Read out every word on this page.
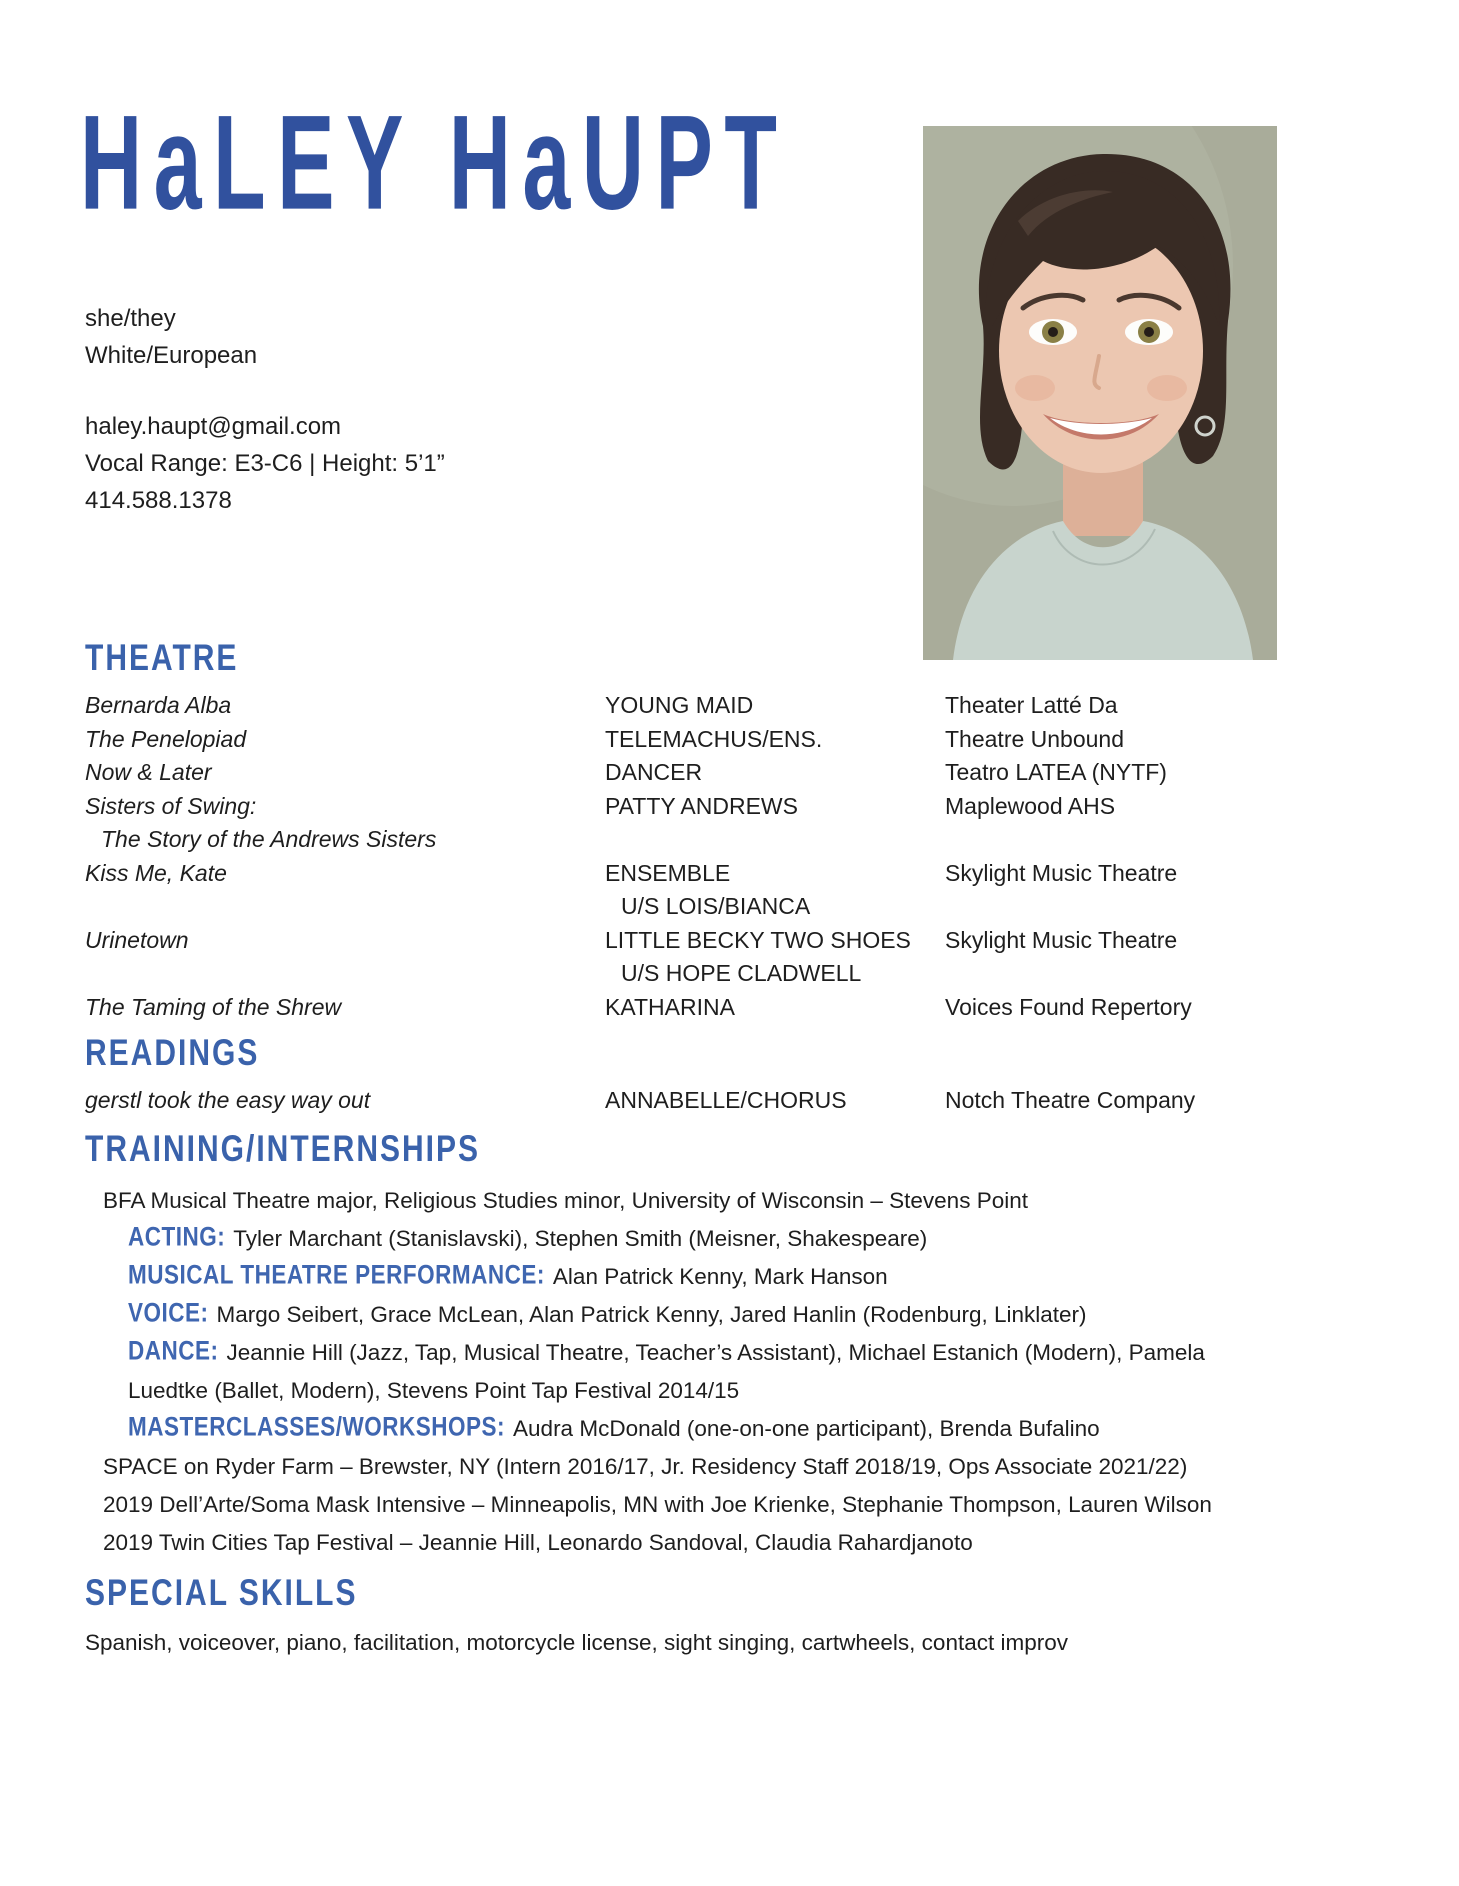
HaLEY HaUPT
she/they
White/European
haley.haupt@gmail.com
Vocal Range: E3-C6 | Height: 5’1”
414.588.1378
THEATRE
Bernarda Alba	YOUNG MAID	Theater Latté Da
The Penelopiad	TELEMACHUS/ENS.	Theatre Unbound
Now & Later	DANCER	Teatro LATEA (NYTF)
Sisters of Swing:	PATTY ANDREWS	Maplewood AHS
The Story of the Andrews Sisters
Kiss Me, Kate	ENSEMBLE	Skylight Music Theatre
U/S LOIS/BIANCA
Urinetown	LITTLE BECKY TWO SHOES	Skylight Music Theatre
U/S HOPE CLADWELL
The Taming of the Shrew	KATHARINA	Voices Found Repertory
READINGS
gerstl took the easy way out	ANNABELLE/CHORUS	Notch Theatre Company
TRAINING/INTERNSHIPS
BFA Musical Theatre major, Religious Studies minor, University of Wisconsin – Stevens Point
ACTING: Tyler Marchant (Stanislavski), Stephen Smith (Meisner, Shakespeare)
MUSICAL THEATRE PERFORMANCE: Alan Patrick Kenny, Mark Hanson
VOICE: Margo Seibert, Grace McLean, Alan Patrick Kenny, Jared Hanlin (Rodenburg, Linklater)
DANCE: Jeannie Hill (Jazz, Tap, Musical Theatre, Teacher’s Assistant), Michael Estanich (Modern), Pamela
Luedtke (Ballet, Modern), Stevens Point Tap Festival 2014/15
MASTERCLASSES/WORKSHOPS: Audra McDonald (one-on-one participant), Brenda Bufalino
SPACE on Ryder Farm – Brewster, NY (Intern 2016/17, Jr. Residency Staff 2018/19, Ops Associate 2021/22)
2019 Dell’Arte/Soma Mask Intensive – Minneapolis, MN with Joe Krienke, Stephanie Thompson, Lauren Wilson
2019 Twin Cities Tap Festival – Jeannie Hill, Leonardo Sandoval, Claudia Rahardjanoto
SPECIAL SKILLS
Spanish, voiceover, piano, facilitation, motorcycle license, sight singing, cartwheels, contact improv
